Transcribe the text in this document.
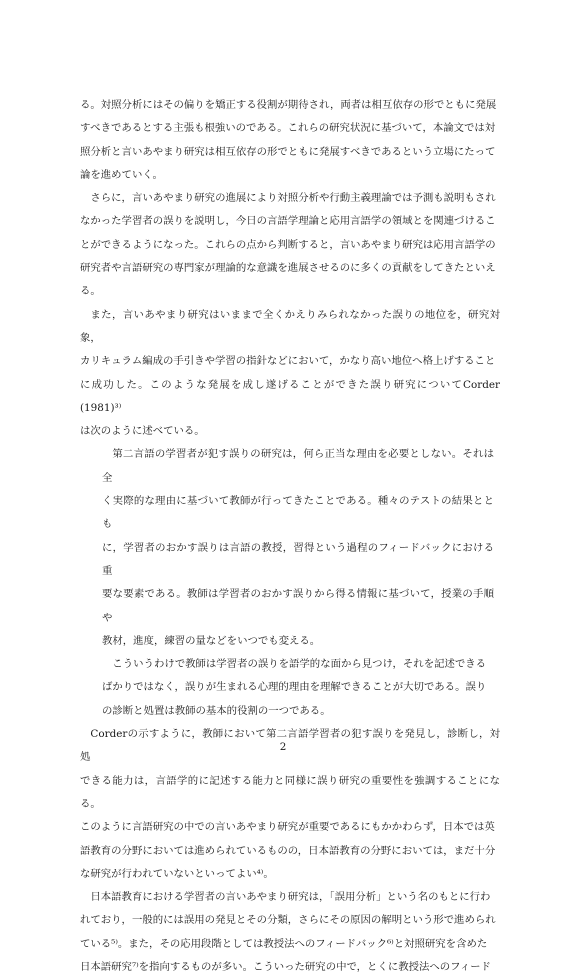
る。対照分析にはその偏りを矯正する役割が期待され，両者は相互依存の形でともに発展
すべきであるとする主張も根強いのである。これらの研究状況に基づいて，本論文では対
照分析と言いあやまり研究は相互依存の形でともに発展すべきであるという立場にたって
論を進めていく。

さらに，言いあやまり研究の進展により対照分析や行動主義理論では予測も説明もされ
なかった学習者の誤りを説明し，今日の言語学理論と応用言語学の領域とを関連づけるこ
とができるようになった。これらの点から判断すると，言いあやまり研究は応用言語学の
研究者や言語研究の専門家が理論的な意識を進展させるのに多くの貢献をしてきたといえ
る。

また，言いあやまり研究はいままで全くかえりみられなかった誤りの地位を，研究対象，
カリキュラム編成の手引きや学習の指針などにおいて，かなり高い地位へ格上げすること
に成功した。このような発展を成し遂げることができた誤り研究についてCorder (1981)³⁾
は次のように述べている。

第二言語の学習者が犯す誤りの研究は，何ら正当な理由を必要としない。それは全
く実際的な理由に基づいて教師が行ってきたことである。種々のテストの結果ととも
に，学習者のおかす誤りは言語の教授，習得という過程のフィードバックにおける重
要な要素である。教師は学習者のおかす誤りから得る情報に基づいて，授業の手順や
教材，進度，練習の量などをいつでも変える。

こういうわけで教師は学習者の誤りを語学的な面から見つけ，それを記述できる
ばかりではなく，誤りが生まれる心理的理由を理解できることが大切である。誤り
の診断と処置は教師の基本的役割の一つである。

Corderの示すように，教師において第二言語学習者の犯す誤りを発見し，診断し，対処
できる能力は，言語学的に記述する能力と同様に誤り研究の重要性を強調することになる。
このように言語研究の中での言いあやまり研究が重要であるにもかかわらず，日本では英
語教育の分野においては進められているものの，日本語教育の分野においては，まだ十分
な研究が行われていないといってよい⁴⁾。

日本語教育における学習者の言いあやまり研究は，「誤用分析」という名のもとに行わ
れており，一般的には誤用の発見とその分類，さらにその原因の解明という形で進められ
ている⁵⁾。また，その応用段階としては教授法へのフィードバック⁶⁾と対照研究を含めた
日本語研究⁷⁾を指向するものが多い。こういった研究の中で，とくに教授法へのフィード

2
